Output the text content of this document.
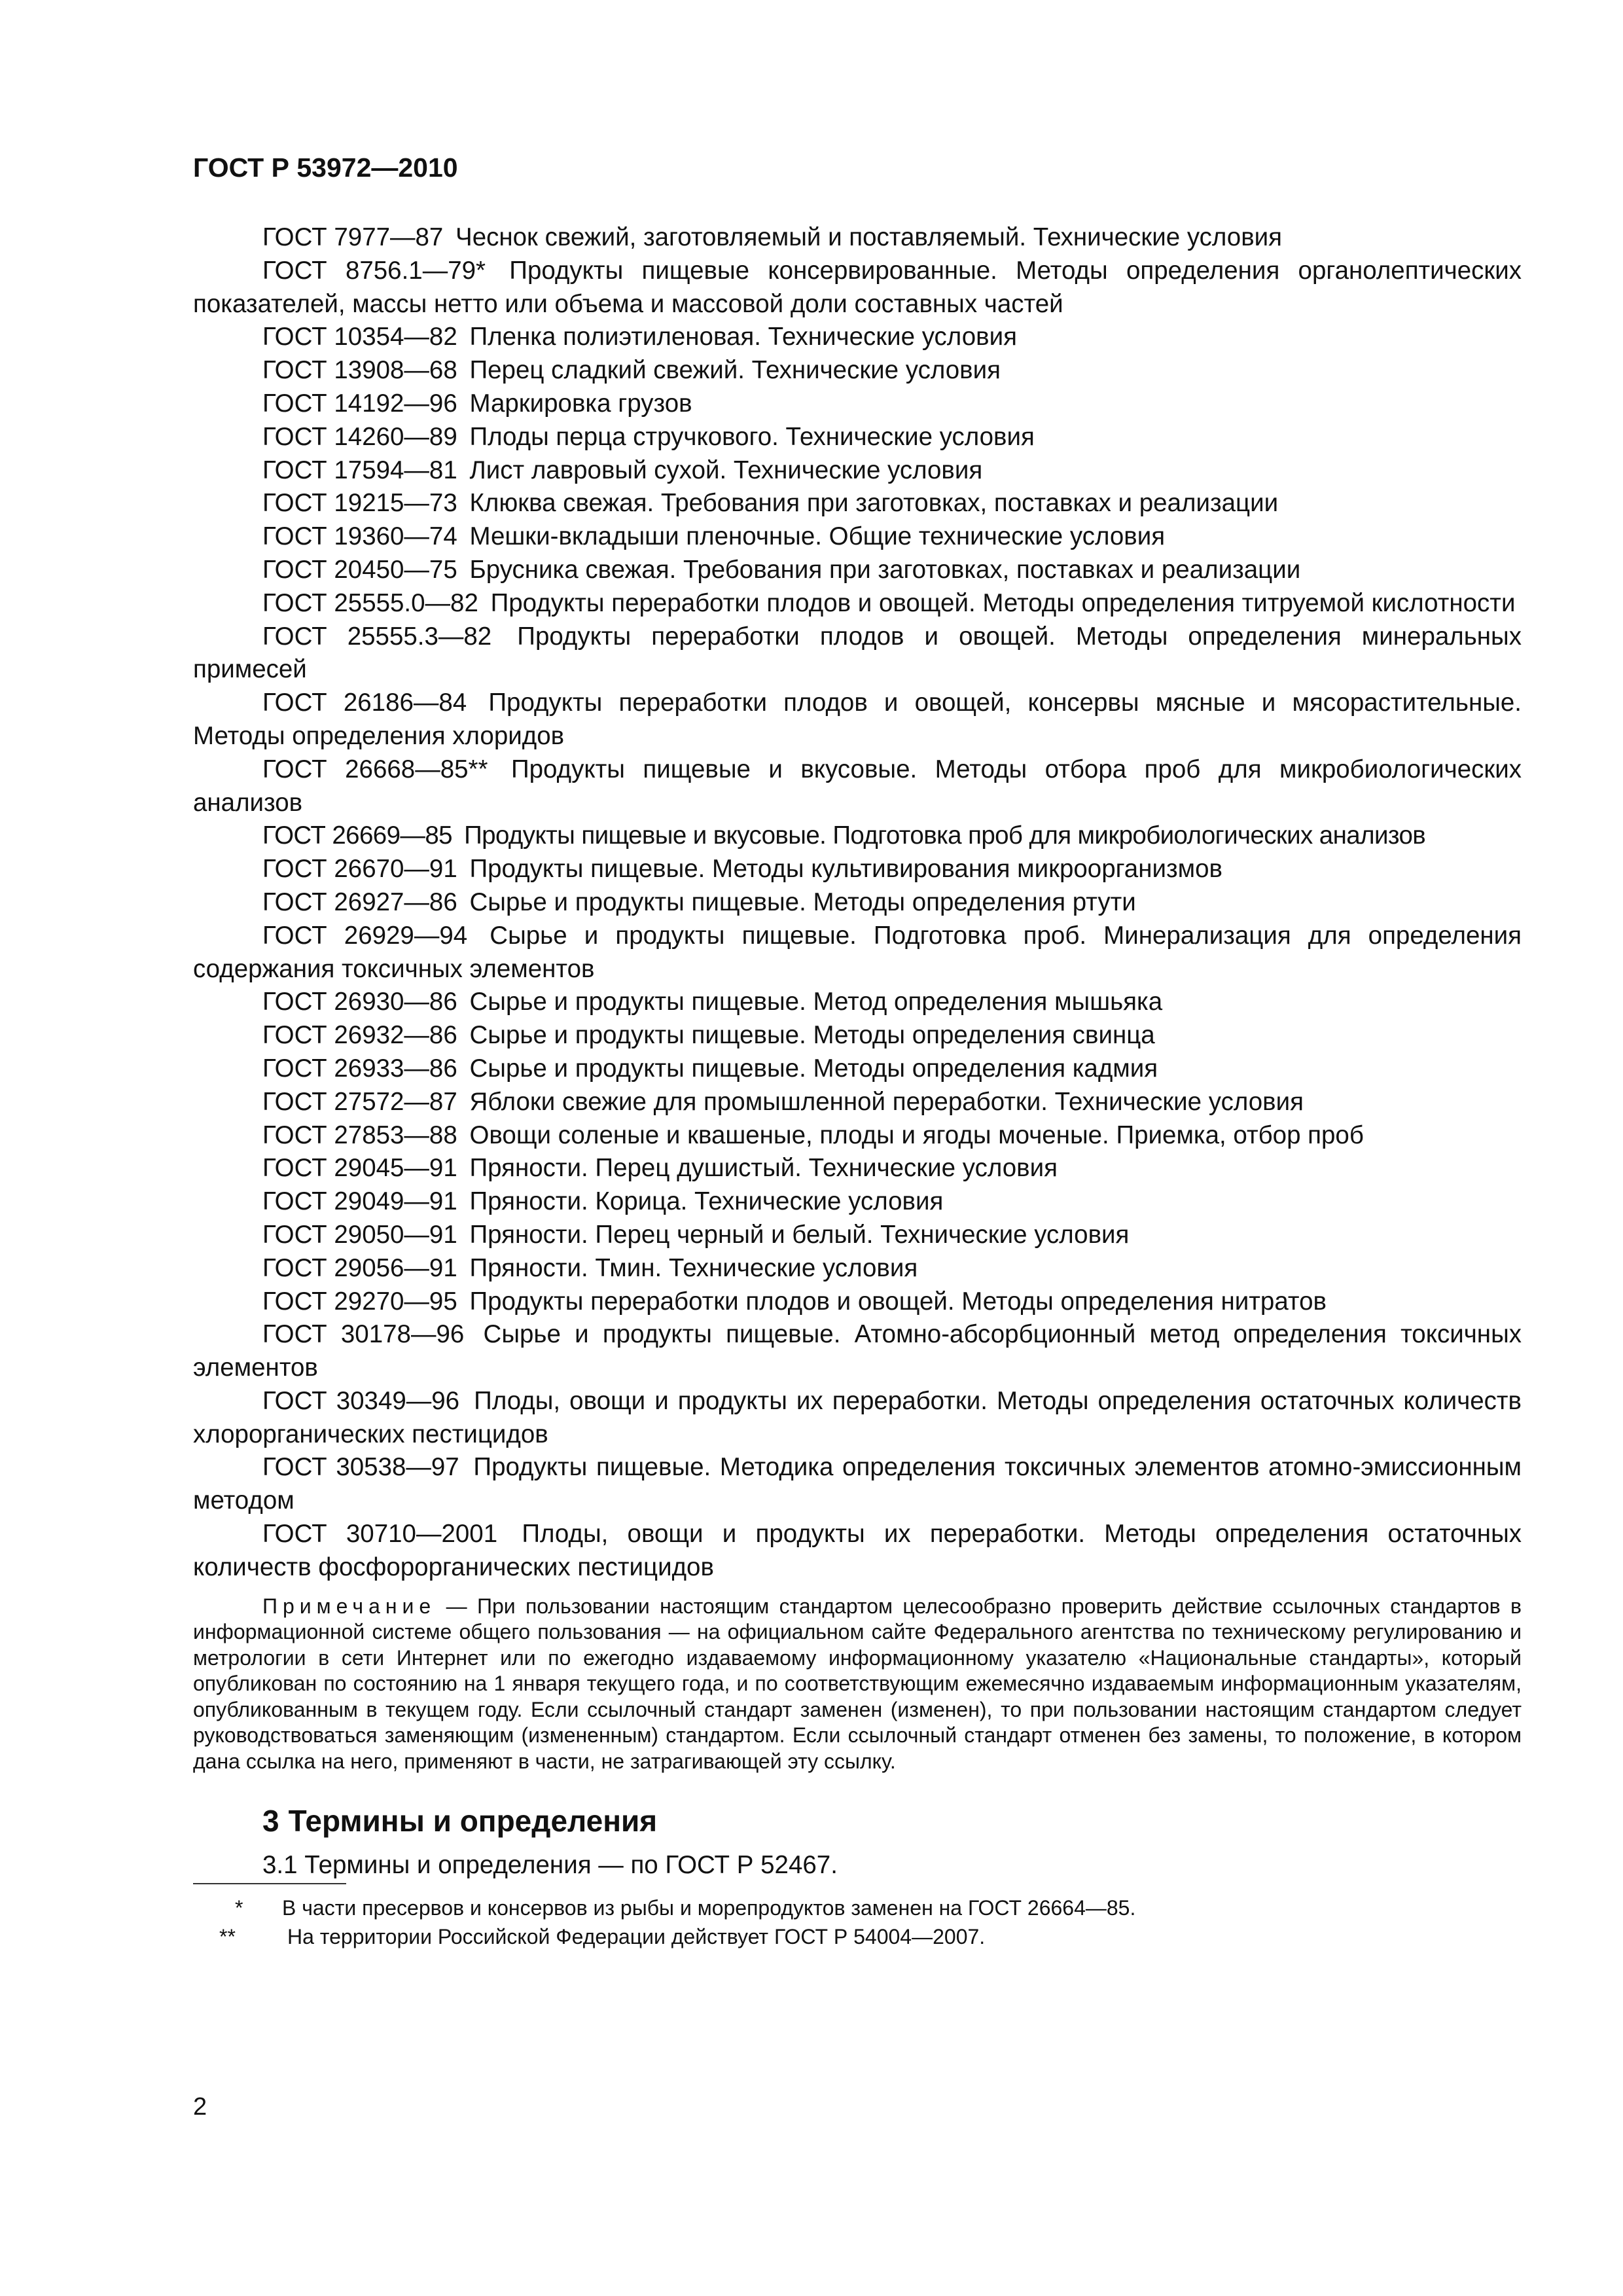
ГОСТ Р 53972—2010

ГОСТ 7977—87 Чеснок свежий, заготовляемый и поставляемый. Технические условия

ГОСТ 8756.1—79* Продукты пищевые консервированные. Методы определения органолептических показателей, массы нетто или объема и массовой доли составных частей

ГОСТ 10354—82 Пленка полиэтиленовая. Технические условия

ГОСТ 13908—68 Перец сладкий свежий. Технические условия

ГОСТ 14192—96 Маркировка грузов

ГОСТ 14260—89 Плоды перца стручкового. Технические условия

ГОСТ 17594—81 Лист лавровый сухой. Технические условия

ГОСТ 19215—73 Клюква свежая. Требования при заготовках, поставках и реализации

ГОСТ 19360—74 Мешки-вкладыши пленочные. Общие технические условия

ГОСТ 20450—75 Брусника свежая. Требования при заготовках, поставках и реализации

ГОСТ 25555.0—82 Продукты переработки плодов и овощей. Методы определения титруемой кислотности

ГОСТ 25555.3—82 Продукты переработки плодов и овощей. Методы определения минеральных примесей

ГОСТ 26186—84 Продукты переработки плодов и овощей, консервы мясные и мясорастительные. Методы определения хлоридов

ГОСТ 26668—85** Продукты пищевые и вкусовые. Методы отбора проб для микробиологических анализов

ГОСТ 26669—85 Продукты пищевые и вкусовые. Подготовка проб для микробиологических анализов

ГОСТ 26670—91 Продукты пищевые. Методы культивирования микроорганизмов

ГОСТ 26927—86 Сырье и продукты пищевые. Методы определения ртути

ГОСТ 26929—94 Сырье и продукты пищевые. Подготовка проб. Минерализация для определения содержания токсичных элементов

ГОСТ 26930—86 Сырье и продукты пищевые. Метод определения мышьяка

ГОСТ 26932—86 Сырье и продукты пищевые. Методы определения свинца

ГОСТ 26933—86 Сырье и продукты пищевые. Методы определения кадмия

ГОСТ 27572—87 Яблоки свежие для промышленной переработки. Технические условия

ГОСТ 27853—88 Овощи соленые и квашеные, плоды и ягоды моченые. Приемка, отбор проб

ГОСТ 29045—91 Пряности. Перец душистый. Технические условия

ГОСТ 29049—91 Пряности. Корица. Технические условия

ГОСТ 29050—91 Пряности. Перец черный и белый. Технические условия

ГОСТ 29056—91 Пряности. Тмин. Технические условия

ГОСТ 29270—95 Продукты переработки плодов и овощей. Методы определения нитратов

ГОСТ 30178—96 Сырье и продукты пищевые. Атомно-абсорбционный метод определения токсичных элементов

ГОСТ 30349—96 Плоды, овощи и продукты их переработки. Методы определения остаточных количеств хлорорганических пестицидов

ГОСТ 30538—97 Продукты пищевые. Методика определения токсичных элементов атомно-эмиссионным методом

ГОСТ 30710—2001 Плоды, овощи и продукты их переработки. Методы определения остаточных количеств фосфорорганических пестицидов

Примечание — При пользовании настоящим стандартом целесообразно проверить действие ссылочных стандартов в информационной системе общего пользования — на официальном сайте Федерального агентства по техническому регулированию и метрологии в сети Интернет или по ежегодно издаваемому информационному указателю «Национальные стандарты», который опубликован по состоянию на 1 января текущего года, и по соответствующим ежемесячно издаваемым информационным указателям, опубликованным в текущем году. Если ссылочный стандарт заменен (изменен), то при пользовании настоящим стандартом следует руководствоваться заменяющим (измененным) стандартом. Если ссылочный стандарт отменен без замены, то положение, в котором дана ссылка на него, применяют в части, не затрагивающей эту ссылку.

3 Термины и определения

3.1 Термины и определения — по ГОСТ Р 52467.

* В части пресервов и консервов из рыбы и морепродуктов заменен на ГОСТ 26664—85.

** На территории Российской Федерации действует ГОСТ Р 54004—2007.

2
